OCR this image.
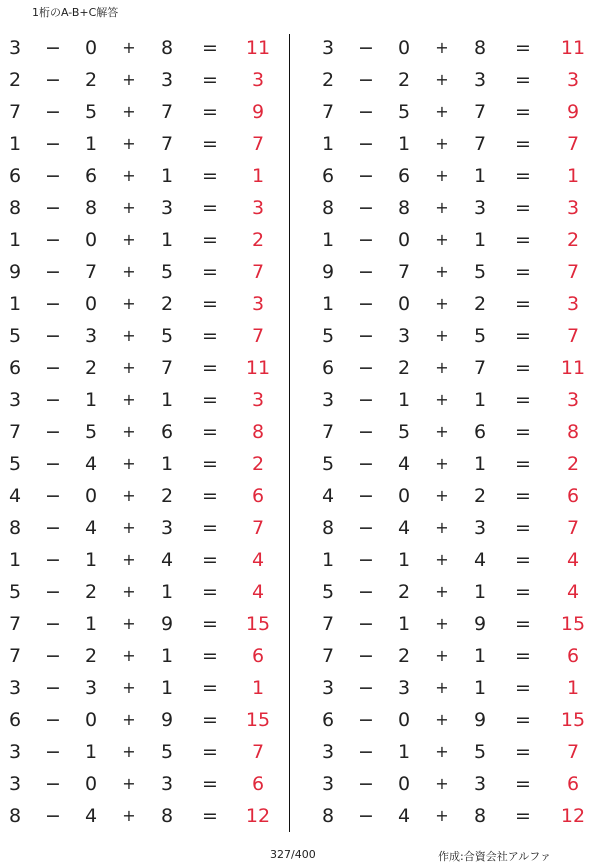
1桁のA-B+C解答
3	−	0	+	8	=	11
2	−	2	+	3	=	3
7	−	5	+	7	=	9
1	−	1	+	7	=	7
6	−	6	+	1	=	1
8	−	8	+	3	=	3
1	−	0	+	1	=	2
9	−	7	+	5	=	7
1	−	0	+	2	=	3
5	−	3	+	5	=	7
6	−	2	+	7	=	11
3	−	1	+	1	=	3
7	−	5	+	6	=	8
5	−	4	+	1	=	2
4	−	0	+	2	=	6
8	−	4	+	3	=	7
1	−	1	+	4	=	4
5	−	2	+	1	=	4
7	−	1	+	9	=	15
7	−	2	+	1	=	6
3	−	3	+	1	=	1
6	−	0	+	9	=	15
3	−	1	+	5	=	7
3	−	0	+	3	=	6
8	−	4	+	8	=	12
3	−	0	+	8	=	11
2	−	2	+	3	=	3
7	−	5	+	7	=	9
1	−	1	+	7	=	7
6	−	6	+	1	=	1
8	−	8	+	3	=	3
1	−	0	+	1	=	2
9	−	7	+	5	=	7
1	−	0	+	2	=	3
5	−	3	+	5	=	7
6	−	2	+	7	=	11
3	−	1	+	1	=	3
7	−	5	+	6	=	8
5	−	4	+	1	=	2
4	−	0	+	2	=	6
8	−	4	+	3	=	7
1	−	1	+	4	=	4
5	−	2	+	1	=	4
7	−	1	+	9	=	15
7	−	2	+	1	=	6
3	−	3	+	1	=	1
6	−	0	+	9	=	15
3	−	1	+	5	=	7
3	−	0	+	3	=	6
8	−	4	+	8	=	12
327/400	作成:合資会社アルファ
